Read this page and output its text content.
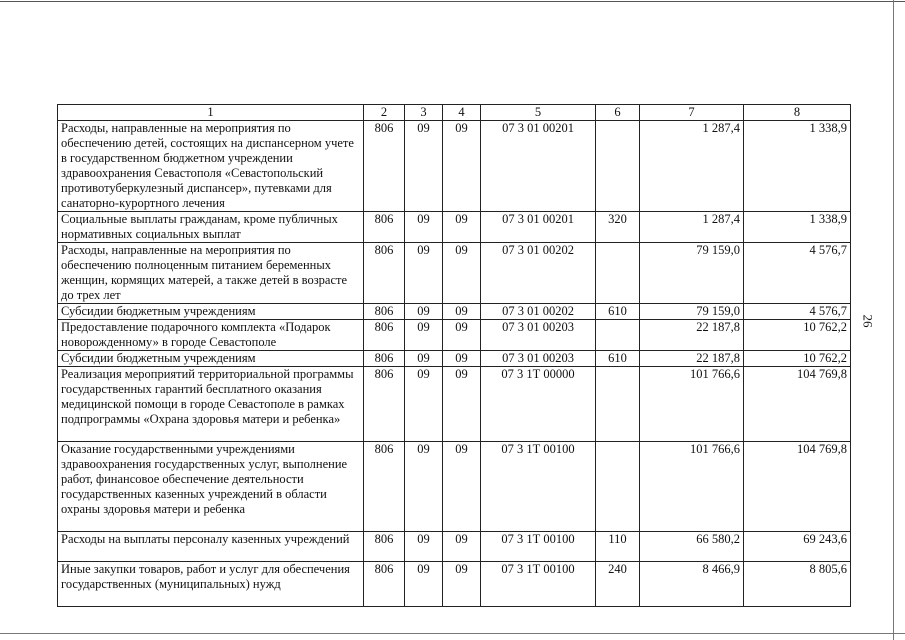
1	2	3	4	5	6	7	8
Расходы, направленные на мероприятия по обеспечению детей, состоящих на диспансерном учете в государственном бюджетном учреждении здравоохранения Севастополя «Севастопольский противотуберкулезный диспансер», путевками для санаторно-курортного лечения	806	09	09	07 3 01 00201		1 287,4	1 338,9
Социальные выплаты гражданам, кроме публичных нормативных социальных выплат	806	09	09	07 3 01 00201	320	1 287,4	1 338,9
Расходы, направленные на мероприятия по обеспечению полноценным питанием беременных женщин, кормящих матерей, а также детей в возрасте до трех лет	806	09	09	07 3 01 00202		79 159,0	4 576,7
Субсидии бюджетным учреждениям	806	09	09	07 3 01 00202	610	79 159,0	4 576,7
Предоставление подарочного комплекта «Подарок новорожденному» в городе Севастополе	806	09	09	07 3 01 00203		22 187,8	10 762,2
Субсидии бюджетным учреждениям	806	09	09	07 3 01 00203	610	22 187,8	10 762,2
Реализация мероприятий территориальной программы государственных гарантий бесплатного оказания медицинской помощи в городе Севастополе в рамках подпрограммы «Охрана здоровья матери и ребенка»	806	09	09	07 3 1Т 00000		101 766,6	104 769,8
Оказание государственными учреждениями здравоохранения государственных услуг, выполнение работ, финансовое обеспечение деятельности государственных казенных учреждений в области охраны здоровья матери и ребенка	806	09	09	07 3 1Т 00100		101 766,6	104 769,8
Расходы на выплаты персоналу казенных учреждений	806	09	09	07 3 1Т 00100	110	66 580,2	69 243,6
Иные закупки товаров, работ и услуг для обеспечения государственных (муниципальных) нужд	806	09	09	07 3 1Т 00100	240	8 466,9	8 805,6
26
